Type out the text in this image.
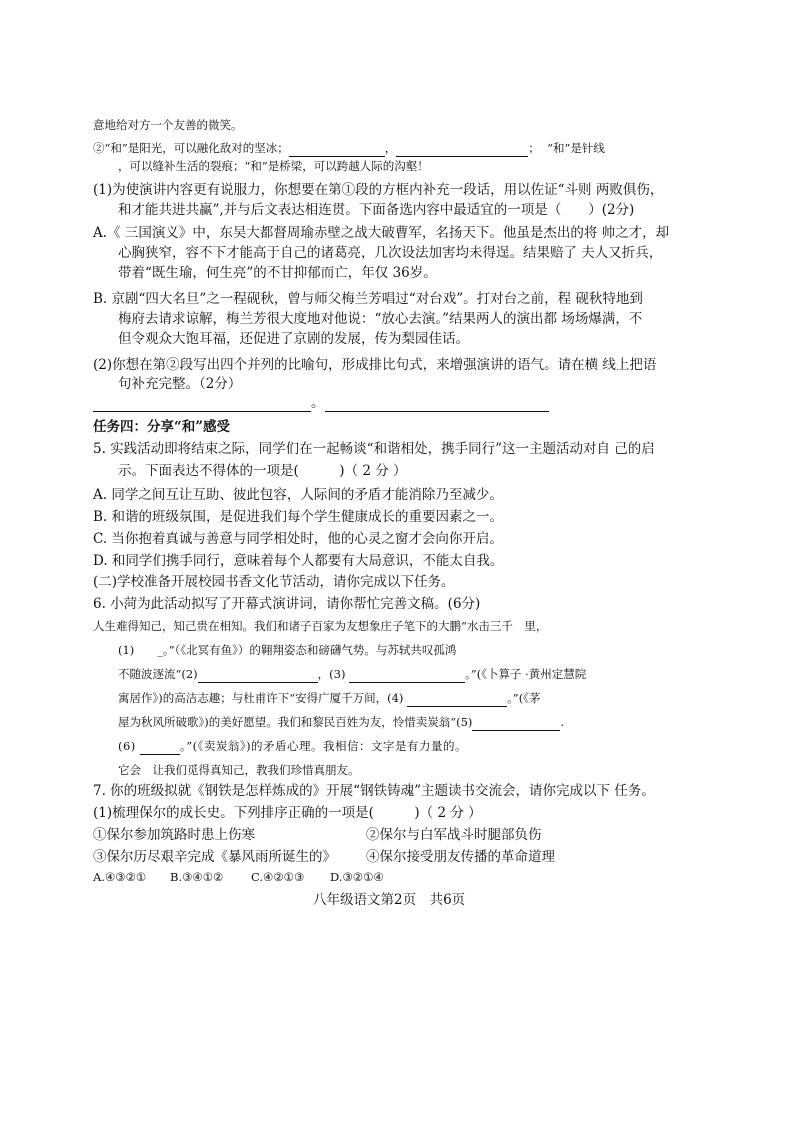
意地给对方一个友善的微笑。
②“和”是阳光，可以融化敌对的坚冰；	，	； “和”是针线
，可以缝补生活的裂痕；“和”是桥梁，可以跨越人际的沟壑！
(1)为使演讲内容更有说服力，你想要在第①段的方框内补充一段话，用以佐证“斗则 两败俱伤，
和才能共进共赢”,并与后文表达相连贯。下面备选内容中最适宜的一项是（　　）(2分)
A.《 三国演义》中，东吴大都督周瑜赤壁之战大破曹军，名扬天下。他虽是杰出的将 帅之才，却
心胸狭窄，容不下才能高于自己的诸葛亮，几次设法加害均未得逞。结果赔了 夫人又折兵，
带着“既生瑜，何生亮”的不甘抑郁而亡，年仅 36岁。
B. 京剧“四大名旦”之一程砚秋，曾与师父梅兰芳唱过“对台戏”。打对台之前，程 砚秋特地到
梅府去请求谅解，梅兰芳很大度地对他说：“放心去演。”结果两人的演出都 场场爆满，不
但令观众大饱耳福，还促进了京剧的发展，传为梨园佳话。
(2)你想在第②段写出四个并列的比喻句，形成排比句式，来增强演讲的语气。请在横 线上把语
句补充完整。（2分）
。
任务四：分享“和”感受
5. 实践活动即将结束之际，同学们在一起畅谈“和谐相处，携手同行”这一主题活动对自 己的启
示。下面表达不得体的一项是(　　　)（ 2 分 ）
A. 同学之间互让互助、彼此包容，人际间的矛盾才能消除乃至减少。
B. 和谐的班级氛围，是促进我们每个学生健康成长的重要因素之一。
C. 当你抱着真诚与善意与同学相处时，他的心灵之窗才会向你开启。
D. 和同学们携手同行，意味着每个人都要有大局意识，不能太自我。
(二)学校准备开展校园书香文化节活动，请你完成以下任务。
6. 小菏为此活动拟写了开幕式演讲词，请你帮忙完善文稿。(6分)
人生难得知己，知己贵在相知。我们和诸子百家为友想象庄子笔下的大鹏“水击三千　里，
(1)　　_。”（《北冥有鱼》）的翱翔姿态和磅礴气势。与苏轼共叹孤鸿
不随波逐流“(2)	，(3)	。”(《卜算子 ·黄州定慧院
寓居作》)的高洁志趣；与杜甫许下“安得广厦千万间，(4)	。”(《茅
屋为秋风所破歌》)的美好愿望。我们和黎民百姓为友，怜惜卖炭翁“(5)	.
(6)	。”(《卖炭翁》)的矛盾心理。我相信：文字是有力量的。
它会　让我们觅得真知己，教我们珍惜真朋友。
7. 你的班级拟就《钢铁是怎样炼成的》开展“钢铁铸魂”主题读书交流会，请你完成以下 任务。
(1)梳理保尔的成长史。下列排序正确的一项是(　　　)（ 2 分 ）
①保尔参加筑路时患上伤寒	②保尔与白军战斗时腿部负伤
③保尔历尽艰辛完成《暴风雨所诞生的》 ④保尔接受朋友传播的革命道理
A.④③②① B.③④①② C.④②①③ D.③②①④
八年级语文第2页　共6页
